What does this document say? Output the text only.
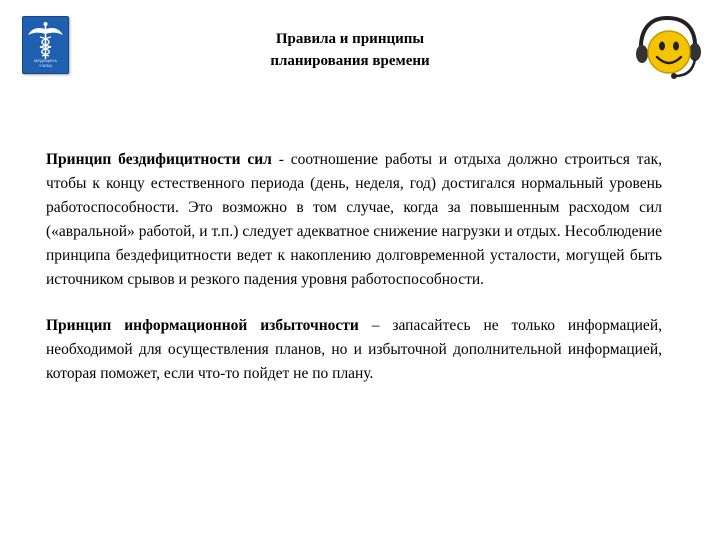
МЕДИЦИНА
УЧЕБА
Правила и принципы
планирования времени

Принцип бездифицитности сил - соотношение работы и отдыха должно строиться так, чтобы к концу естественного периода (день, неделя, год) достигался нормальный уровень работоспособности. Это возможно в том случае, когда за повышенным расходом сил («авральной» работой, и т.п.) следует адекватное снижение нагрузки и отдых. Несоблюдение принципа бездефицитности ведет к накоплению долговременной усталости, могущей быть источником срывов и резкого падения уровня работоспособности.

Принцип информационной избыточности – запасайтесь не только информацией, необходимой для осуществления планов, но и избыточной дополнительной информацией, которая поможет, если что-то пойдет не по плану.
